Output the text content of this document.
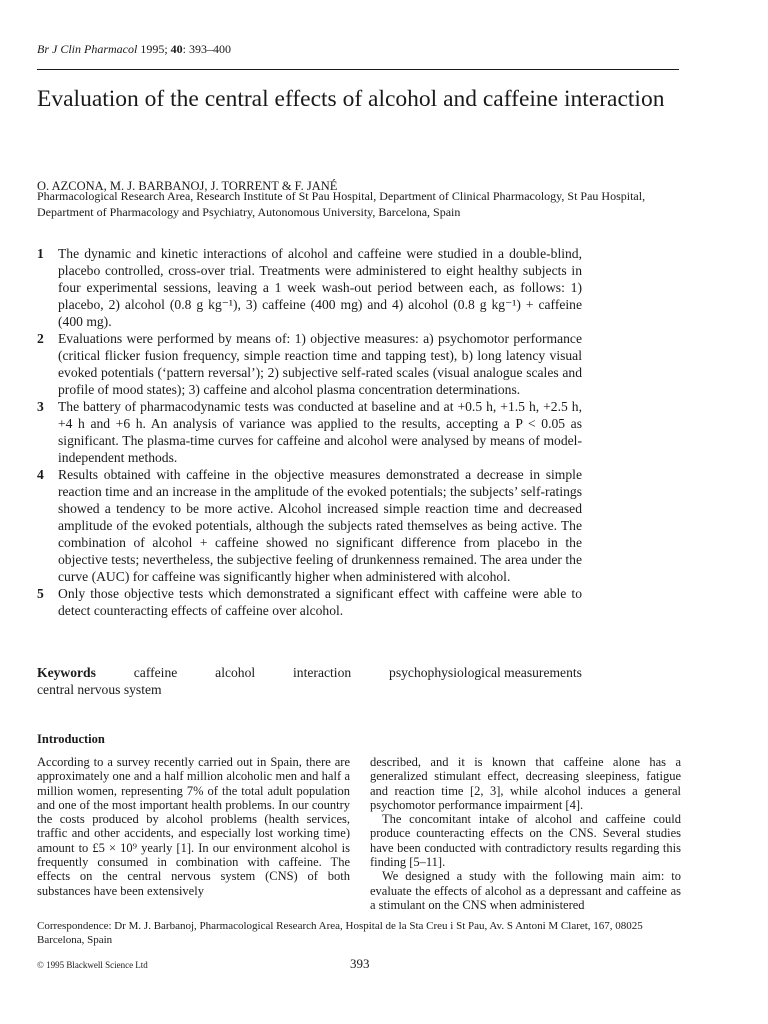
Br J Clin Pharmacol 1995; 40: 393–400
Evaluation of the central effects of alcohol and caffeine interaction
O. AZCONA, M. J. BARBANOJ, J. TORRENT & F. JANÉ
Pharmacological Research Area, Research Institute of St Pau Hospital, Department of Clinical Pharmacology, St Pau Hospital, Department of Pharmacology and Psychiatry, Autonomous University, Barcelona, Spain
1 The dynamic and kinetic interactions of alcohol and caffeine were studied in a double-blind, placebo controlled, cross-over trial. Treatments were administered to eight healthy subjects in four experimental sessions, leaving a 1 week wash-out period between each, as follows: 1) placebo, 2) alcohol (0.8 g kg⁻¹), 3) caffeine (400 mg) and 4) alcohol (0.8 g kg⁻¹) + caffeine (400 mg).
2 Evaluations were performed by means of: 1) objective measures: a) psychomotor performance (critical flicker fusion frequency, simple reaction time and tapping test), b) long latency visual evoked potentials (‘pattern reversal’); 2) subjective self-rated scales (visual analogue scales and profile of mood states); 3) caffeine and alcohol plasma concentration determinations.
3 The battery of pharmacodynamic tests was conducted at baseline and at +0.5 h, +1.5 h, +2.5 h, +4 h and +6 h. An analysis of variance was applied to the results, accepting a P < 0.05 as significant. The plasma-time curves for caffeine and alcohol were analysed by means of model-independent methods.
4 Results obtained with caffeine in the objective measures demonstrated a decrease in simple reaction time and an increase in the amplitude of the evoked potentials; the subjects’ self-ratings showed a tendency to be more active. Alcohol increased simple reaction time and decreased amplitude of the evoked potentials, although the subjects rated themselves as being active. The combination of alcohol + caffeine showed no significant difference from placebo in the objective tests; nevertheless, the subjective feeling of drunkenness remained. The area under the curve (AUC) for caffeine was significantly higher when administered with alcohol.
5 Only those objective tests which demonstrated a significant effect with caffeine were able to detect counteracting effects of caffeine over alcohol.
Keywords	caffeine	alcohol	interaction	psychophysiological measurements
central nervous system
Introduction

According to a survey recently carried out in Spain, there are approximately one and a half million alcoholic men and half a million women, representing 7% of the total adult population and one of the most important health problems. In our country the costs produced by alcohol problems (health services, traffic and other accidents, and especially lost working time) amount to £5 × 10⁹ yearly [1]. In our environment alcohol is frequently consumed in combination with caffeine. The effects on the central nervous system (CNS) of both substances have been extensively

described, and it is known that caffeine alone has a generalized stimulant effect, decreasing sleepiness, fatigue and reaction time [2, 3], while alcohol induces a general psychomotor performance impairment [4].

The concomitant intake of alcohol and caffeine could produce counteracting effects on the CNS. Several studies have been conducted with contradictory results regarding this finding [5–11].

We designed a study with the following main aim: to evaluate the effects of alcohol as a depressant and caffeine as a stimulant on the CNS when administered

Correspondence: Dr M. J. Barbanoj, Pharmacological Research Area, Hospital de la Sta Creu i St Pau, Av. S Antoni M Claret, 167, 08025 Barcelona, Spain
© 1995 Blackwell Science Ltd	393
